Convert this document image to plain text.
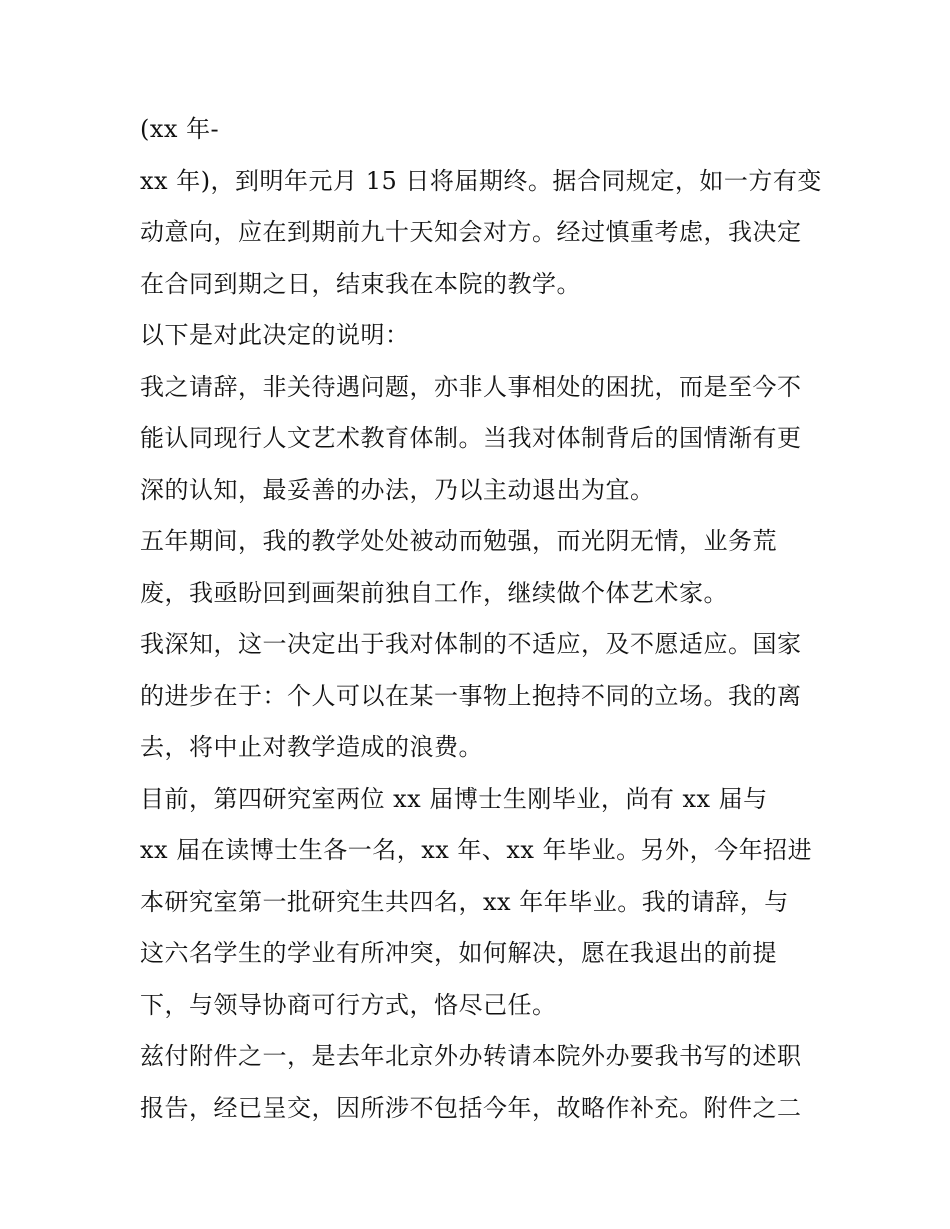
(xx 年-
xx 年)，到明年元月 15 日将届期终。据合同规定，如一方有变
动意向，应在到期前九十天知会对方。经过慎重考虑，我决定
在合同到期之日，结束我在本院的教学。
以下是对此决定的说明：
我之请辞，非关待遇问题，亦非人事相处的困扰，而是至今不
能认同现行人文艺术教育体制。当我对体制背后的国情渐有更
深的认知，最妥善的办法，乃以主动退出为宜。
五年期间，我的教学处处被动而勉强，而光阴无情，业务荒
废，我亟盼回到画架前独自工作，继续做个体艺术家。
我深知，这一决定出于我对体制的不适应，及不愿适应。国家
的进步在于：个人可以在某一事物上抱持不同的立场。我的离
去，将中止对教学造成的浪费。
目前，第四研究室两位 xx 届博士生刚毕业，尚有 xx 届与
xx 届在读博士生各一名，xx 年、xx 年毕业。另外，今年招进
本研究室第一批研究生共四名，xx 年年毕业。我的请辞，与
这六名学生的学业有所冲突，如何解决，愿在我退出的前提
下，与领导协商可行方式，恪尽己任。
兹付附件之一，是去年北京外办转请本院外办要我书写的述职
报告，经已呈交，因所涉不包括今年，故略作补充。附件之二
